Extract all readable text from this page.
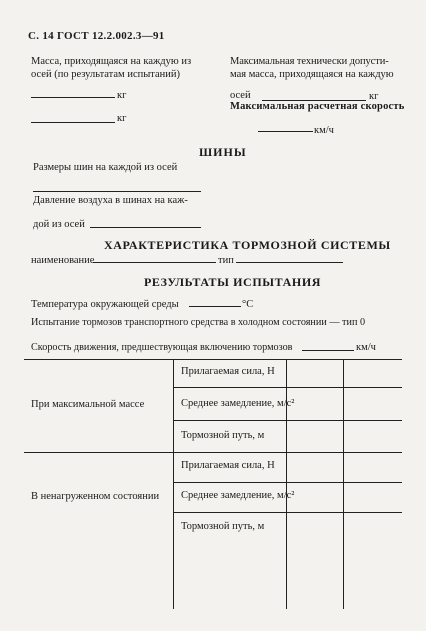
С. 14 ГОСТ 12.2.002.3—91
Масса, приходящаяся на каждую из
осей (по результатам испытаний)
Максимальная технически допусти-
мая масса, приходящаяся на каждую
кг
кг
осей	кг
Максимальная расчетная скорость
км/ч
ШИНЫ
Размеры шин на каждой из осей
Давление воздуха в шинах на каж-
дой из осей
ХАРАКТЕРИСТИКА ТОРМОЗНОЙ СИСТЕМЫ
наименование	тип
РЕЗУЛЬТАТЫ ИСПЫТАНИЯ
Температура окружающей среды	°С
Испытание тормозов транспортного средства в холодном состоянии — тип 0
Скорость движения, предшествующая включению тормозов	км/ч
При максимальной массе
Прилагаемая сила, Н
Среднее замедление, м/с²
Тормозной путь, м
В ненагруженном состоянии
Прилагаемая сила, Н
Среднее замедление, м/с²
Тормозной путь, м
